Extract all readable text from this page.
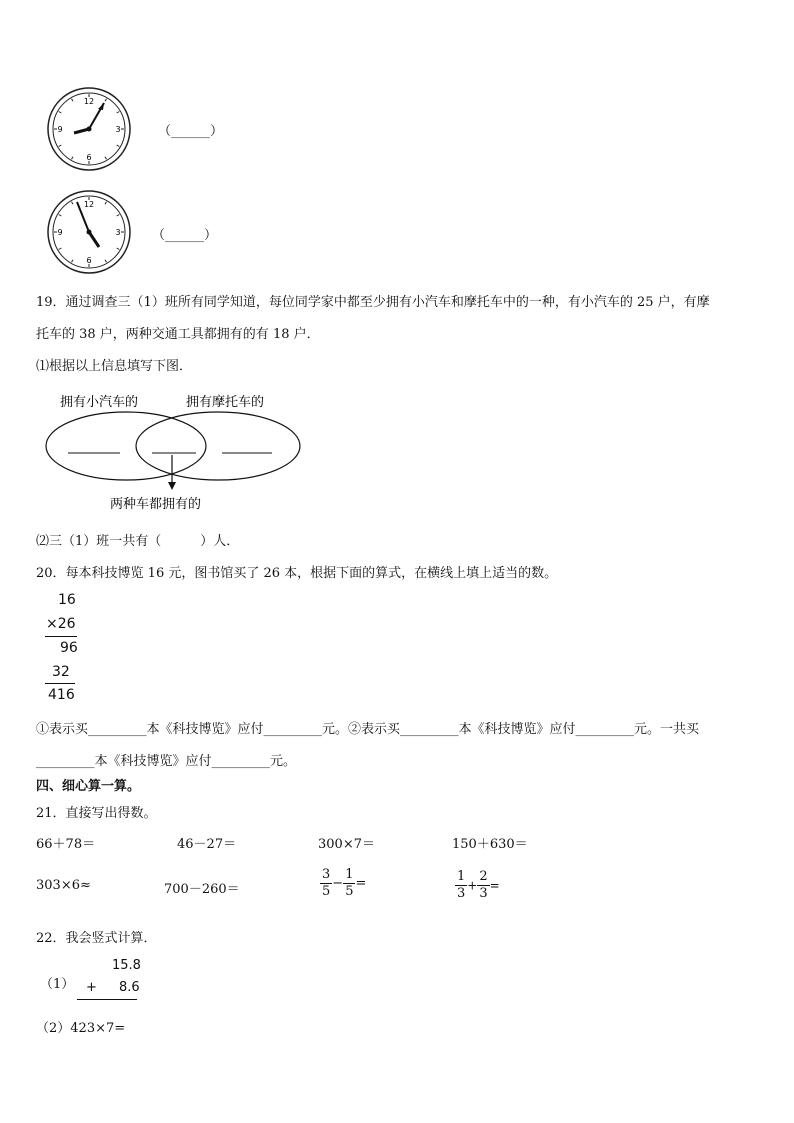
12
3
6
9	（______）
12
3
6
9	（______）
19．通过调查三（1）班所有同学知道，每位同学家中都至少拥有小汽车和摩托车中的一种，有小汽车的 25 户，有摩
托车的 38 户，两种交通工具都拥有的有 18 户．
⑴根据以上信息填写下图．
拥有小汽车的	拥有摩托车的
两种车都拥有的
⑵三（1）班一共有（　　　）人．
20．每本科技博览 16 元，图书馆买了 26 本，根据下面的算式，在横线上填上适当的数。
16
×26
96
32
416
①表示买_________本《科技博览》应付_________元。②表示买_________本《科技博览》应付_________元。一共买
_________本《科技博览》应付_________元。
四、细心算一算。
21．直接写出得数。
66＋78＝	46－27＝	300×7＝	150＋630＝
303×6≈	700－260＝	$\frac{3}{5} - \frac{1}{5}$ =	$\frac{1}{3} + \frac{2}{3}$ =
22．我会竖式计算．
（1）
15.8
+ 8.6
（2）423×7=
